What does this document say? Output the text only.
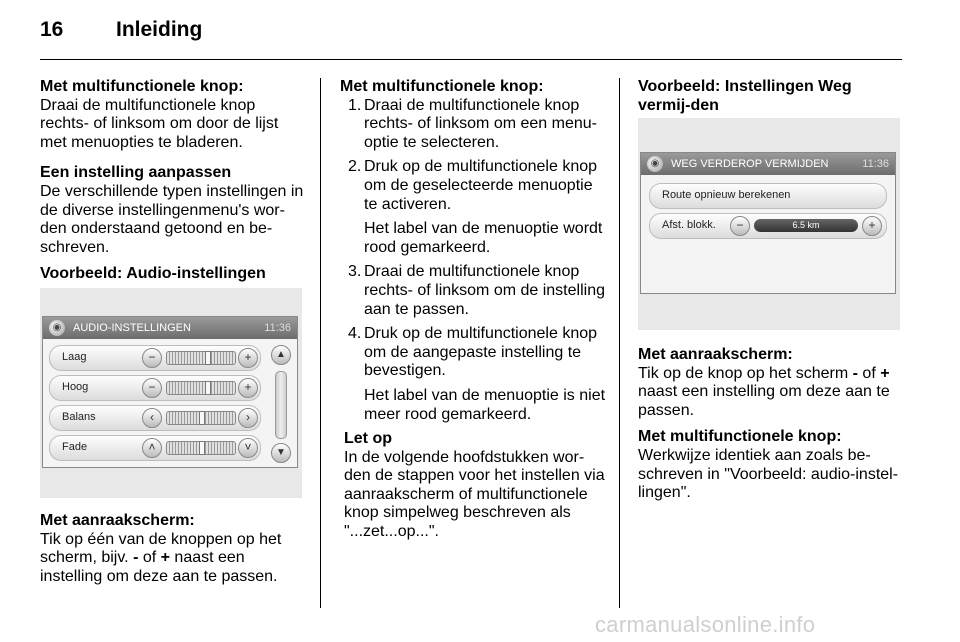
16	Inleiding

Met multifunctionele knop:

Draai de multifunctionele knop rechts- of linksom om door de lijst met menuopties te bladeren.

Een instelling aanpassen

De verschillende typen instellingen in de diverse instellingenmenu's wor-den onderstaand getoond en be-schreven.

Voorbeeld: Audio-instellingen

◉	AUDIO-INSTELLINGEN	11:36
Laag	−	+
Hoog	−	+
Balans	‹	›
Fade	˄	˅
▲
▼

Met aanraakscherm:

Tik op één van de knoppen op het scherm, bijv. - of + naast een instelling om deze aan te passen.

Met multifunctionele knop:

1. Draai de multifunctionele knop rechts- of linksom om een menu-optie te selecteren.

2. Druk op de multifunctionele knop om de geselecteerde menuoptie te activeren.

Het label van de menuoptie wordt rood gemarkeerd.

3. Draai de multifunctionele knop rechts- of linksom om de instelling aan te passen.

4. Druk op de multifunctionele knop om de aangepaste instelling te bevestigen.

Het label van de menuoptie is niet meer rood gemarkeerd.

Let op

In de volgende hoofdstukken wor-den de stappen voor het instellen via aanraakscherm of multifunctionele knop simpelweg beschreven als "...zet...op...".

Voorbeeld: Instellingen Weg vermij-den

◉	WEG VERDEROP VERMIJDEN	11:36
Route opnieuw berekenen
Afst. blokk.	−	6.5 km	+

Met aanraakscherm:

Tik op de knop op het scherm - of + naast een instelling om deze aan te passen.

Met multifunctionele knop:

Werkwijze identiek aan zoals be-schreven in "Voorbeeld: audio-instel-lingen".

carmanualsonline.info
